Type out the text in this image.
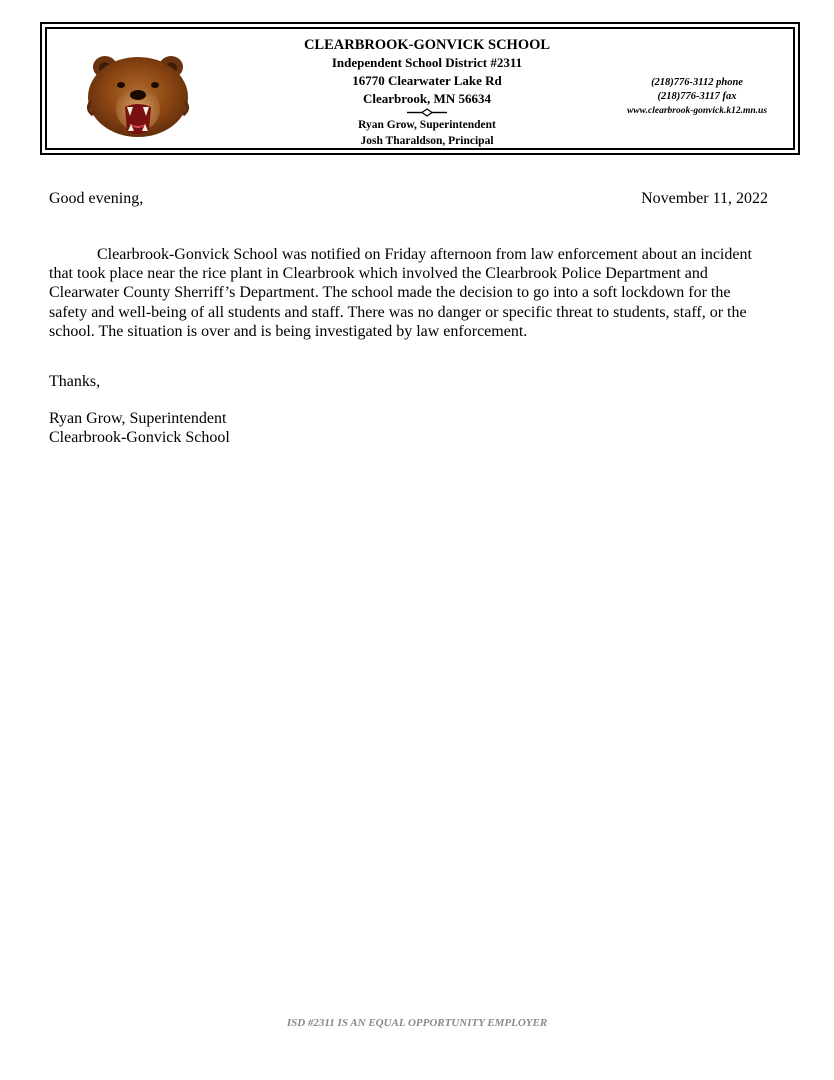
CLEARBROOK-GONVICK SCHOOL
Independent School District #2311
16770 Clearwater Lake Rd
Clearbrook, MN 56634
Ryan Grow, Superintendent
Josh Tharaldson, Principal
(218)776-3112 phone
(218)776-3117 fax
www.clearbrook-gonvick.k12.mn.us
Good evening,	November 11, 2022
Clearbrook-Gonvick School was notified on Friday afternoon from law enforcement about an incident that took place near the rice plant in Clearbrook which involved the Clearbrook Police Department and Clearwater County Sherriff’s Department. The school made the decision to go into a soft lockdown for the safety and well-being of all students and staff. There was no danger or specific threat to students, staff, or the school. The situation is over and is being investigated by law enforcement.
Thanks,
Ryan Grow, Superintendent
Clearbrook-Gonvick School
ISD #2311 IS AN EQUAL OPPORTUNITY EMPLOYER
